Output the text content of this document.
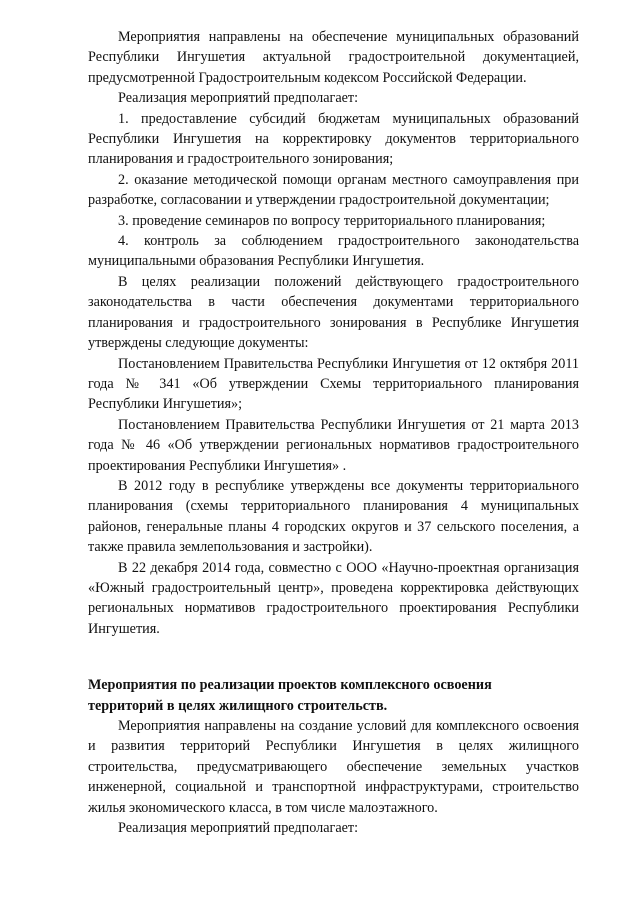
Мероприятия направлены на обеспечение муниципальных образований Республики Ингушетия актуальной градостроительной документацией, предусмотренной Градостроительным кодексом Российской Федерации.

Реализация мероприятий предполагает:

1. предоставление субсидий бюджетам муниципальных образований Республики Ингушетия на корректировку документов территориального планирования и градостроительного зонирования;

2. оказание методической помощи органам местного самоуправления при разработке, согласовании и утверждении градостроительной документации;

3. проведение семинаров по вопросу территориального планирования;

4. контроль за соблюдением градостроительного законодательства муниципальными образования Республики Ингушетия.

В целях реализации положений действующего градостроительного законодательства в части обеспечения документами территориального планирования и градостроительного зонирования в Республике Ингушетия утверждены следующие документы:

Постановлением Правительства Республики Ингушетия от 12 октября 2011 года № 341 «Об утверждении Схемы территориального планирования Республики Ингушетия»;

Постановлением Правительства Республики Ингушетия от 21 марта 2013 года № 46 «Об утверждении региональных нормативов градостроительного проектирования Республики Ингушетия» .

В 2012 году в республике утверждены все документы территориального планирования (схемы территориального планирования 4 муниципальных районов, генеральные планы 4 городских округов и 37 сельского поселения, а также правила землепользования и застройки).

В 22 декабря 2014 года, совместно с ООО «Научно-проектная организация «Южный градостроительный центр», проведена корректировка действующих региональных нормативов градостроительного проектирования Республики Ингушетия.

Мероприятия по реализации проектов комплексного освоения

территорий в целях жилищного строительств.

Мероприятия направлены на создание условий для комплексного освоения и развития территорий Республики Ингушетия в целях жилищного строительства, предусматривающего обеспечение земельных участков инженерной, социальной и транспортной инфраструктурами, строительство жилья экономического класса, в том числе малоэтажного.

Реализация мероприятий предполагает:
